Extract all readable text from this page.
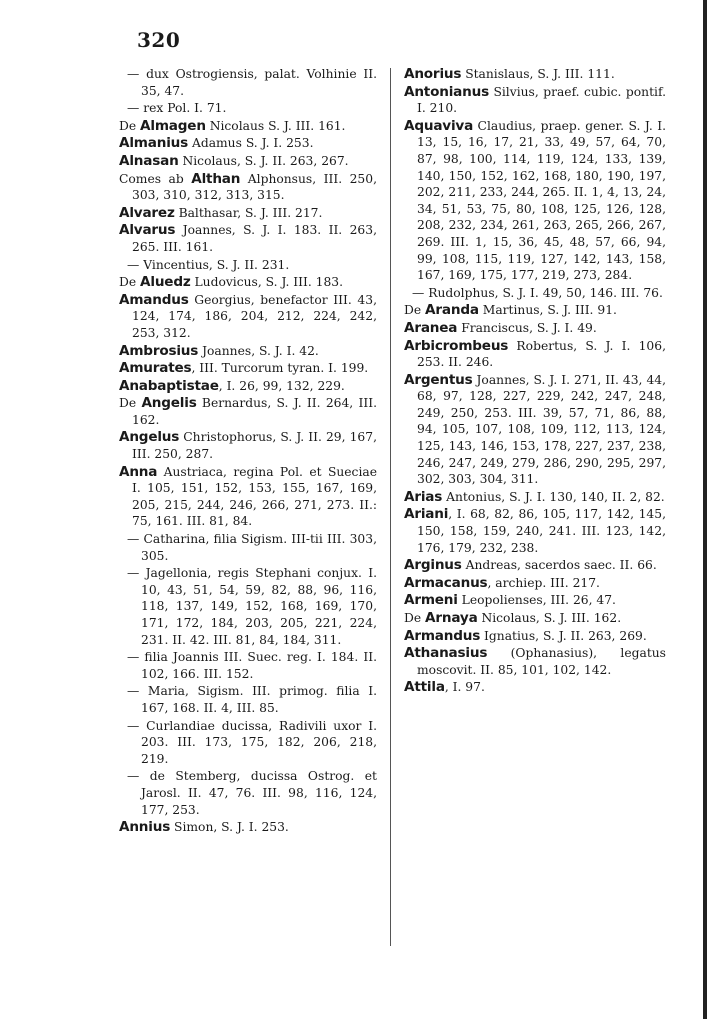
320

— dux Ostrogiensis, palat. Volhinie II. 35, 47.

— rex Pol. I. 71.

De Almagen Nicolaus S. J. III. 161.

Almanius Adamus S. J. I. 253.

Alnasan Nicolaus, S. J. II. 263, 267.

Comes ab Althan Alphonsus, III. 250, 303, 310, 312, 313, 315.

Alvarez Balthasar, S. J. III. 217.

Alvarus Joannes, S. J. I. 183. II. 263, 265. III. 161.

— Vincentius, S. J. II. 231.

De Aluedz Ludovicus, S. J. III. 183.

Amandus Georgius, benefactor III. 43, 124, 174, 186, 204, 212, 224, 242, 253, 312.

Ambrosius Joannes, S. J. I. 42.

Amurates, III. Turcorum tyran. I. 199.

Anabaptistae, I. 26, 99, 132, 229.

De Angelis Bernardus, S. J. II. 264, III. 162.

Angelus Christophorus, S. J. II. 29, 167, III. 250, 287.

Anna Austriaca, regina Pol. et Sueciae I. 105, 151, 152, 153, 155, 167, 169, 205, 215, 244, 246, 266, 271, 273. II.: 75, 161. III. 81, 84.

— Catharina, filia Sigism. III-tii III. 303, 305.

— Jagellonia, regis Stephani conjux. I. 10, 43, 51, 54, 59, 82, 88, 96, 116, 118, 137, 149, 152, 168, 169, 170, 171, 172, 184, 203, 205, 221, 224, 231. II. 42. III. 81, 84, 184, 311.

— filia Joannis III. Suec. reg. I. 184. II. 102, 166. III. 152.

— Maria, Sigism. III. primog. filia I. 167, 168. II. 4, III. 85.

— Curlandiae ducissa, Radivili uxor I. 203. III. 173, 175, 182, 206, 218, 219.

— de Stemberg, ducissa Ostrog. et Jarosl. II. 47, 76. III. 98, 116, 124, 177, 253.

Annius Simon, S. J. I. 253.

Anorius Stanislaus, S. J. III. 111.

Antonianus Silvius, praef. cubic. pontif. I. 210.

Aquaviva Claudius, praep. gener. S. J. I. 13, 15, 16, 17, 21, 33, 49, 57, 64, 70, 87, 98, 100, 114, 119, 124, 133, 139, 140, 150, 152, 162, 168, 180, 190, 197, 202, 211, 233, 244, 265. II. 1, 4, 13, 24, 34, 51, 53, 75, 80, 108, 125, 126, 128, 208, 232, 234, 261, 263, 265, 266, 267, 269. III. 1, 15, 36, 45, 48, 57, 66, 94, 99, 108, 115, 119, 127, 142, 143, 158, 167, 169, 175, 177, 219, 273, 284.

— Rudolphus, S. J. I. 49, 50, 146. III. 76.

De Aranda Martinus, S. J. III. 91.

Aranea Franciscus, S. J. I. 49.

Arbicrombeus Robertus, S. J. I. 106, 253. II. 246.

Argentus Joannes, S. J. I. 271, II. 43, 44, 68, 97, 128, 227, 229, 242, 247, 248, 249, 250, 253. III. 39, 57, 71, 86, 88, 94, 105, 107, 108, 109, 112, 113, 124, 125, 143, 146, 153, 178, 227, 237, 238, 246, 247, 249, 279, 286, 290, 295, 297, 302, 303, 304, 311.

Arias Antonius, S. J. I. 130, 140, II. 2, 82.

Ariani, I. 68, 82, 86, 105, 117, 142, 145, 150, 158, 159, 240, 241. III. 123, 142, 176, 179, 232, 238.

Arginus Andreas, sacerdos saec. II. 66.

Armacanus, archiep. III. 217.

Armeni Leopolienses, III. 26, 47.

De Arnaya Nicolaus, S. J. III. 162.

Armandus Ignatius, S. J. II. 263, 269.

Athanasius (Ophanasius), legatus moscovit. II. 85, 101, 102, 142.

Attila, I. 97.
